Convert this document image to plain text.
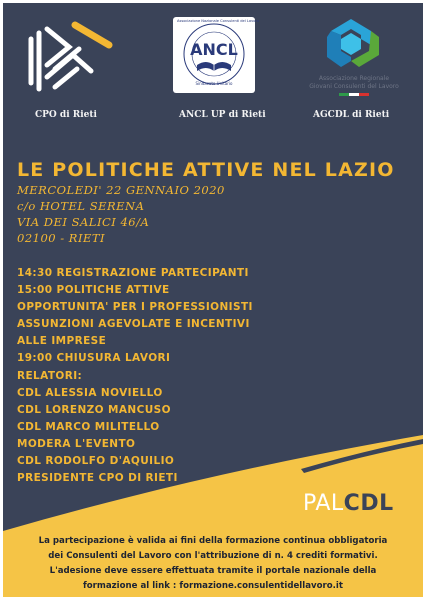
CPO di Rieti
ANCL
Associazione Nazionale Consulenti del Lavoro
Sindacato Unitario
ANCL UP di Rieti
Associazione Regionale
Giovani Consulenti del Lavoro
AGCDL di Rieti
LE POLITICHE ATTIVE NEL LAZIO
MERCOLEDI' 22 GENNAIO 2020
c/o HOTEL SERENA
VIA DEI SALICI 46/A
02100 - RIETI
14:30 REGISTRAZIONE PARTECIPANTI
15:00 POLITICHE ATTIVE
OPPORTUNITA' PER I PROFESSIONISTI
ASSUNZIONI AGEVOLATE E INCENTIVI
ALLE IMPRESE
19:00 CHIUSURA LAVORI
RELATORI:
CDL ALESSIA NOVIELLO
CDL LORENZO MANCUSO
CDL MARCO MILITELLO
MODERA L'EVENTO
CDL RODOLFO D'AQUILIO
PRESIDENTE CPO DI RIETI
PALCDL
La partecipazione è valida ai fini della formazione continua obbligatoria
dei Consulenti del Lavoro con l'attribuzione di n. 4 crediti formativi.
L'adesione deve essere effettuata tramite il portale nazionale della
formazione al link : formazione.consulentidellavoro.it
